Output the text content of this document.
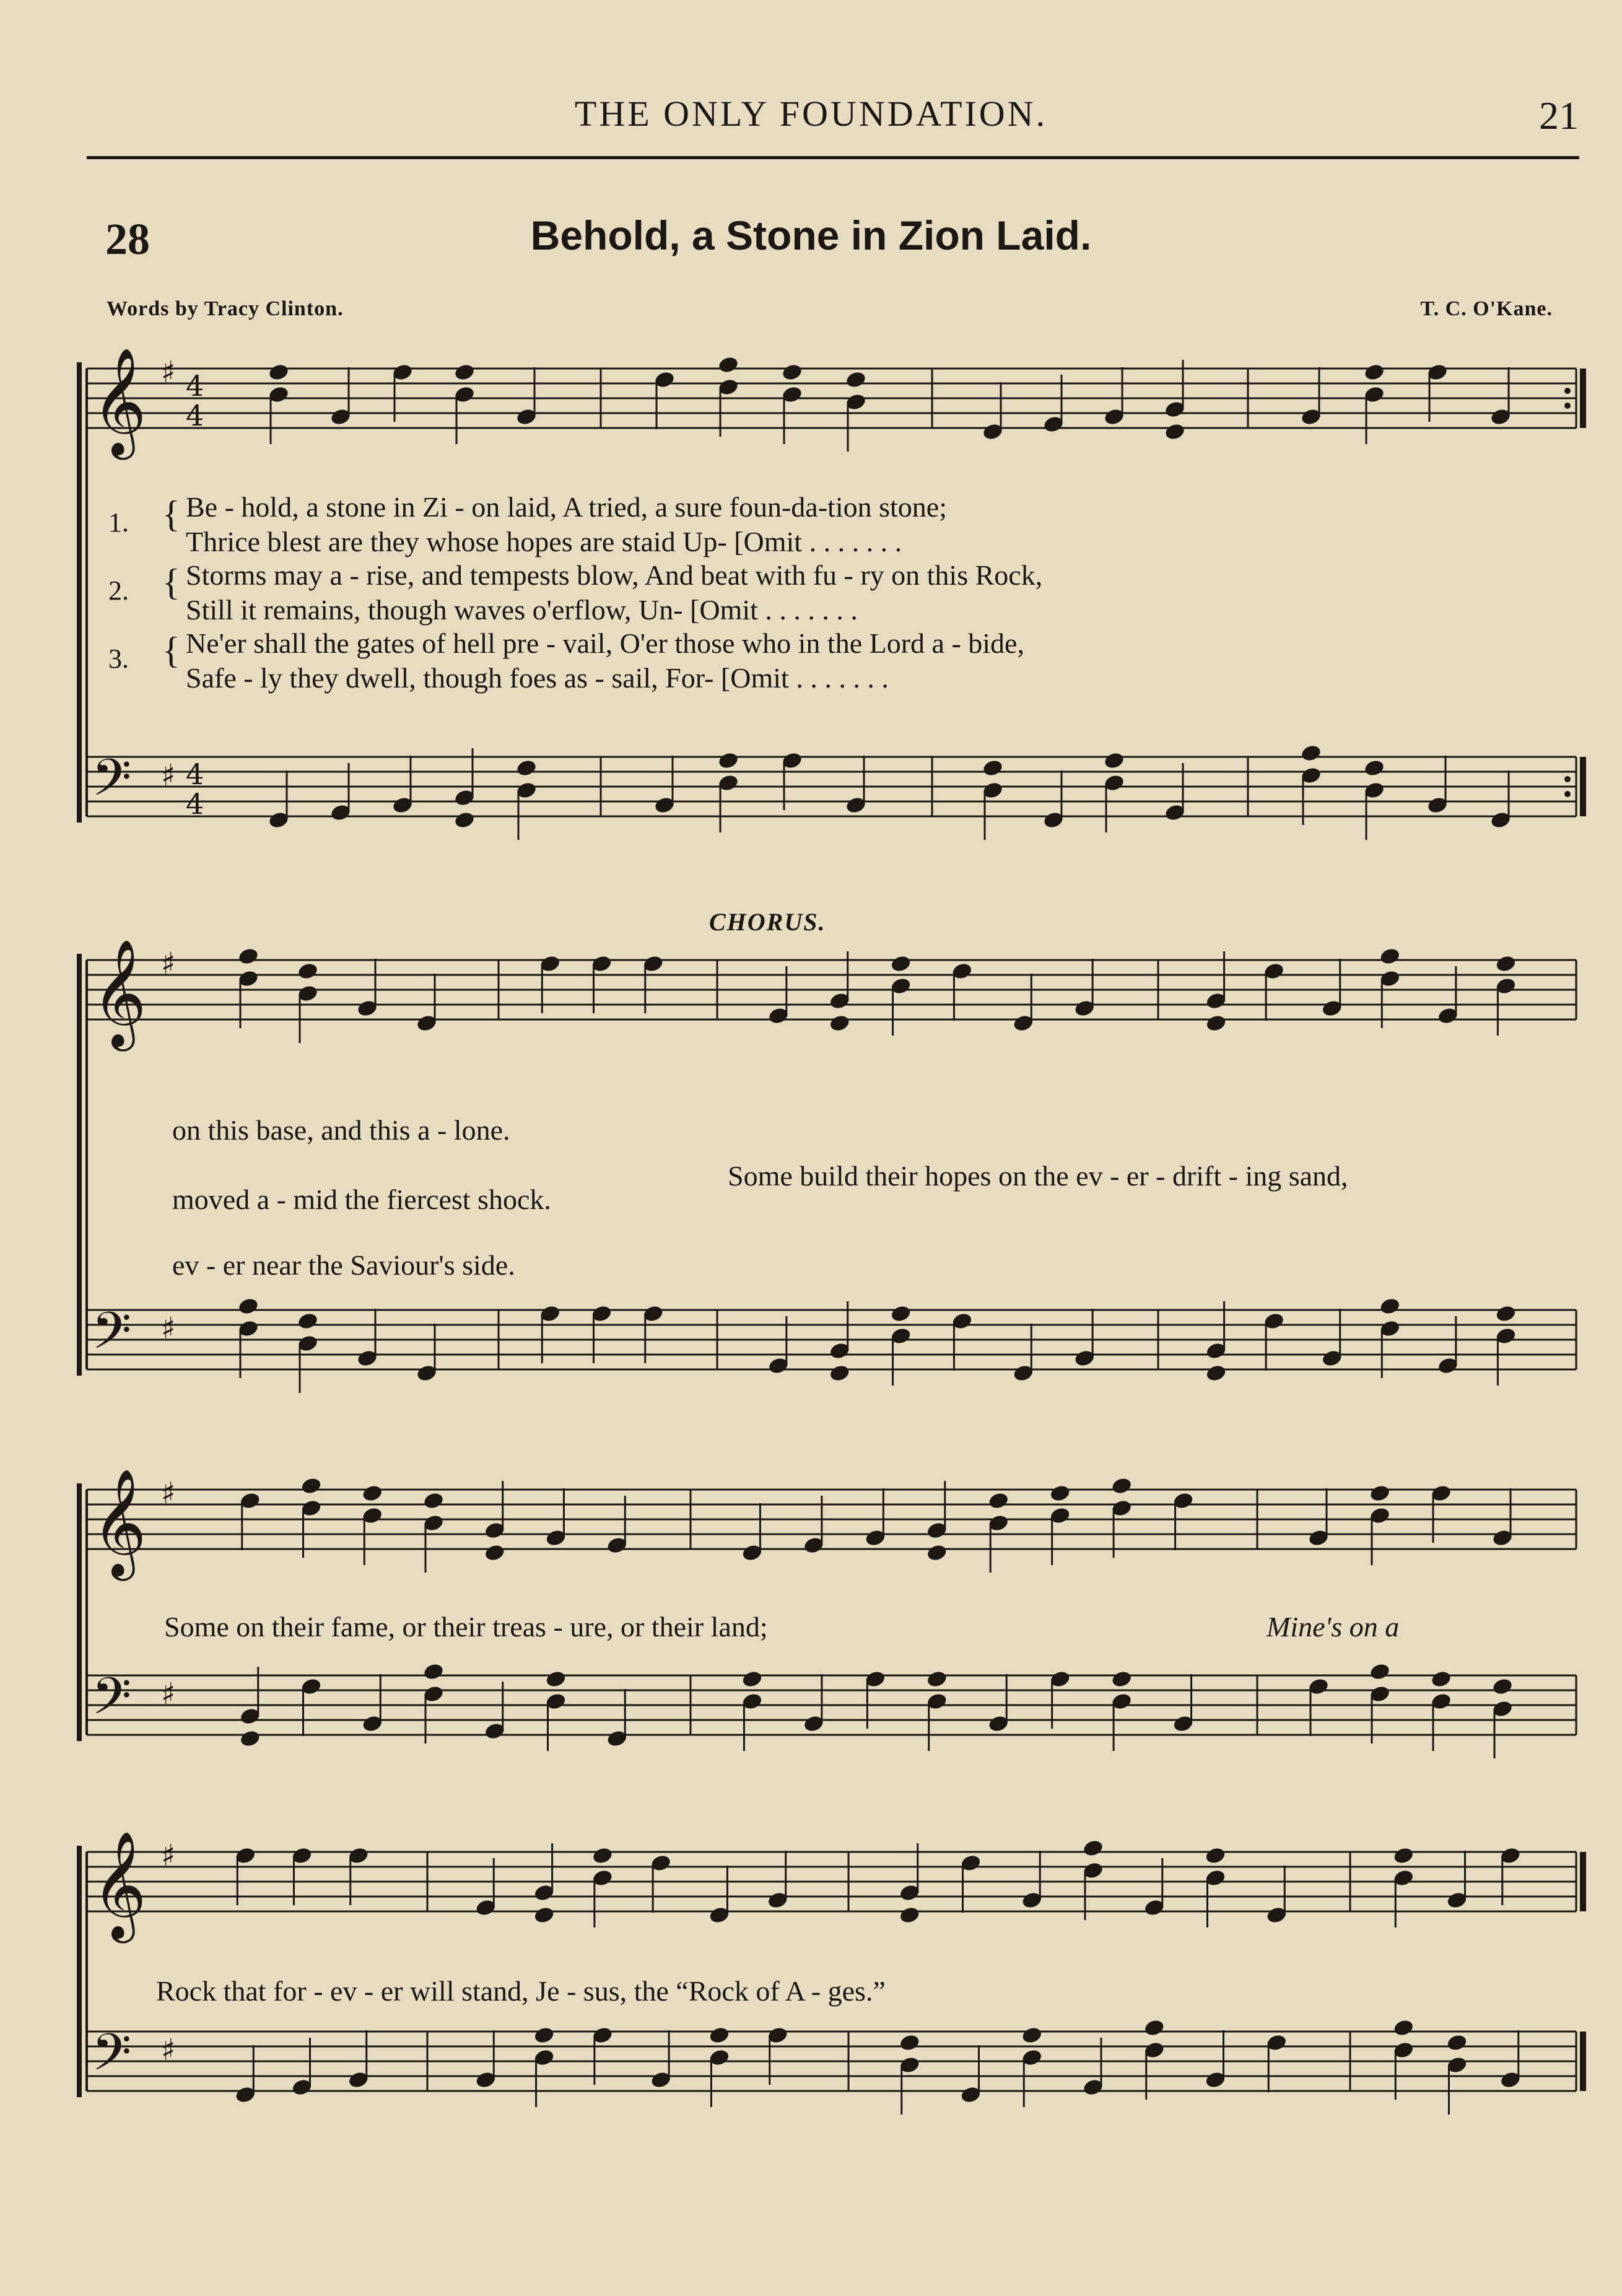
THE ONLY FOUNDATION.	21
28	Behold, a Stone in Zion Laid.
Words by Tracy Clinton.	T. C. O'Kane.
𝄞
𝄢
♯
♯
4
4
4
4
𝄞
𝄢
♯
♯
𝄞
𝄢
♯
♯
𝄞
𝄢
♯
♯
1. { Be - hold, a stone in Zi - on laid, A tried, a sure foun-da-tion stone;
Thrice blest are they whose hopes are staid Up- [Omit . . . . . . .
2. { Storms may a - rise, and tempests blow, And beat with fu - ry on this Rock,
Still it remains, though waves o'erflow, Un- [Omit . . . . . . .
3. { Ne'er shall the gates of hell pre - vail, O'er those who in the Lord a - bide,
Safe - ly they dwell, though foes as - sail, For- [Omit . . . . . . .
CHORUS.
on this base, and this a - lone.
moved a - mid the fiercest shock.
ev - er near the Saviour's side.
Some build their hopes on the ev - er - drift - ing sand,
Some on their fame, or their treas - ure, or their land;	Mine's on a
Rock that for - ev - er will stand, Je - sus, the “Rock of A - ges.”
